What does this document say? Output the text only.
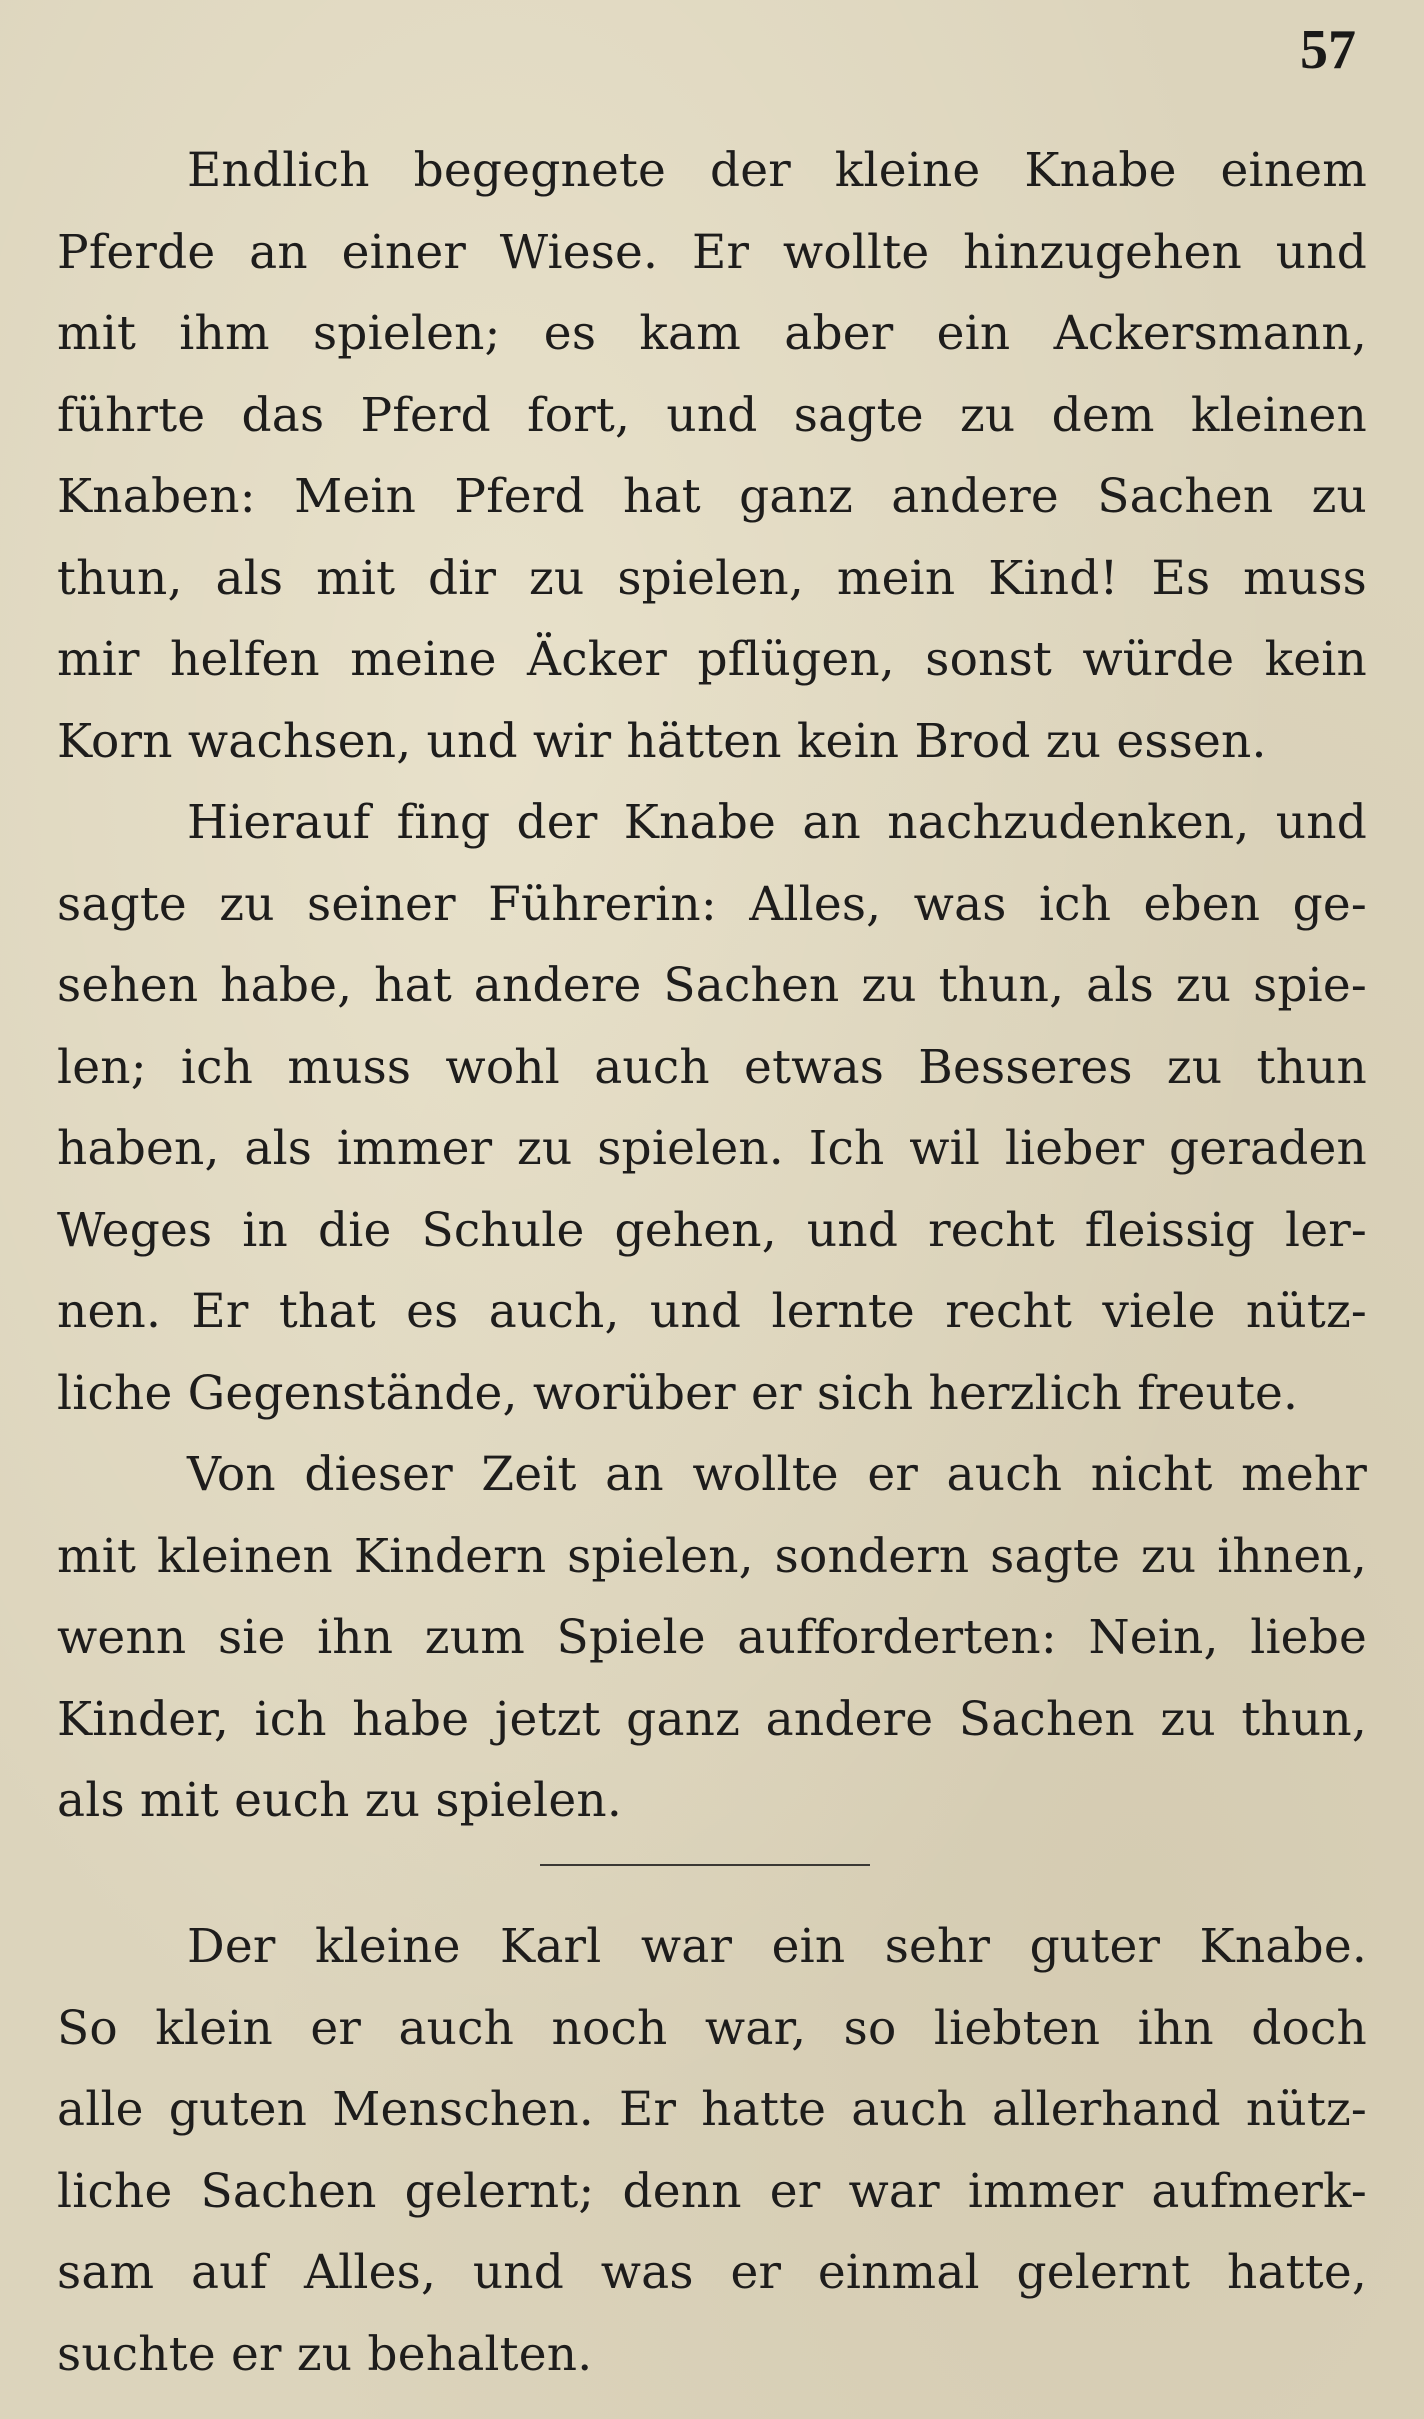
57
Endlich begegnete der kleine Knabe einem
Pferde an einer Wiese. Er wollte hinzugehen und
mit ihm spielen; es kam aber ein Ackersmann,
führte das Pferd fort, und sagte zu dem kleinen
Knaben: Mein Pferd hat ganz andere Sachen zu
thun, als mit dir zu spielen, mein Kind! Es muss
mir helfen meine Äcker pflügen, sonst würde kein
Korn wachsen, und wir hätten kein Brod zu essen.
Hierauf fing der Knabe an nachzudenken, und
sagte zu seiner Führerin: Alles, was ich eben ge-
sehen habe, hat andere Sachen zu thun, als zu spie-
len; ich muss wohl auch etwas Besseres zu thun
haben, als immer zu spielen. Ich wil lieber geraden
Weges in die Schule gehen, und recht fleissig ler-
nen. Er that es auch, und lernte recht viele nütz-
liche Gegenstände, worüber er sich herzlich freute.
Von dieser Zeit an wollte er auch nicht mehr
mit kleinen Kindern spielen, sondern sagte zu ihnen,
wenn sie ihn zum Spiele aufforderten: Nein, liebe
Kinder, ich habe jetzt ganz andere Sachen zu thun,
als mit euch zu spielen.
Der kleine Karl war ein sehr guter Knabe.
So klein er auch noch war, so liebten ihn doch
alle guten Menschen. Er hatte auch allerhand nütz-
liche Sachen gelernt; denn er war immer aufmerk-
sam auf Alles, und was er einmal gelernt hatte,
suchte er zu behalten.
